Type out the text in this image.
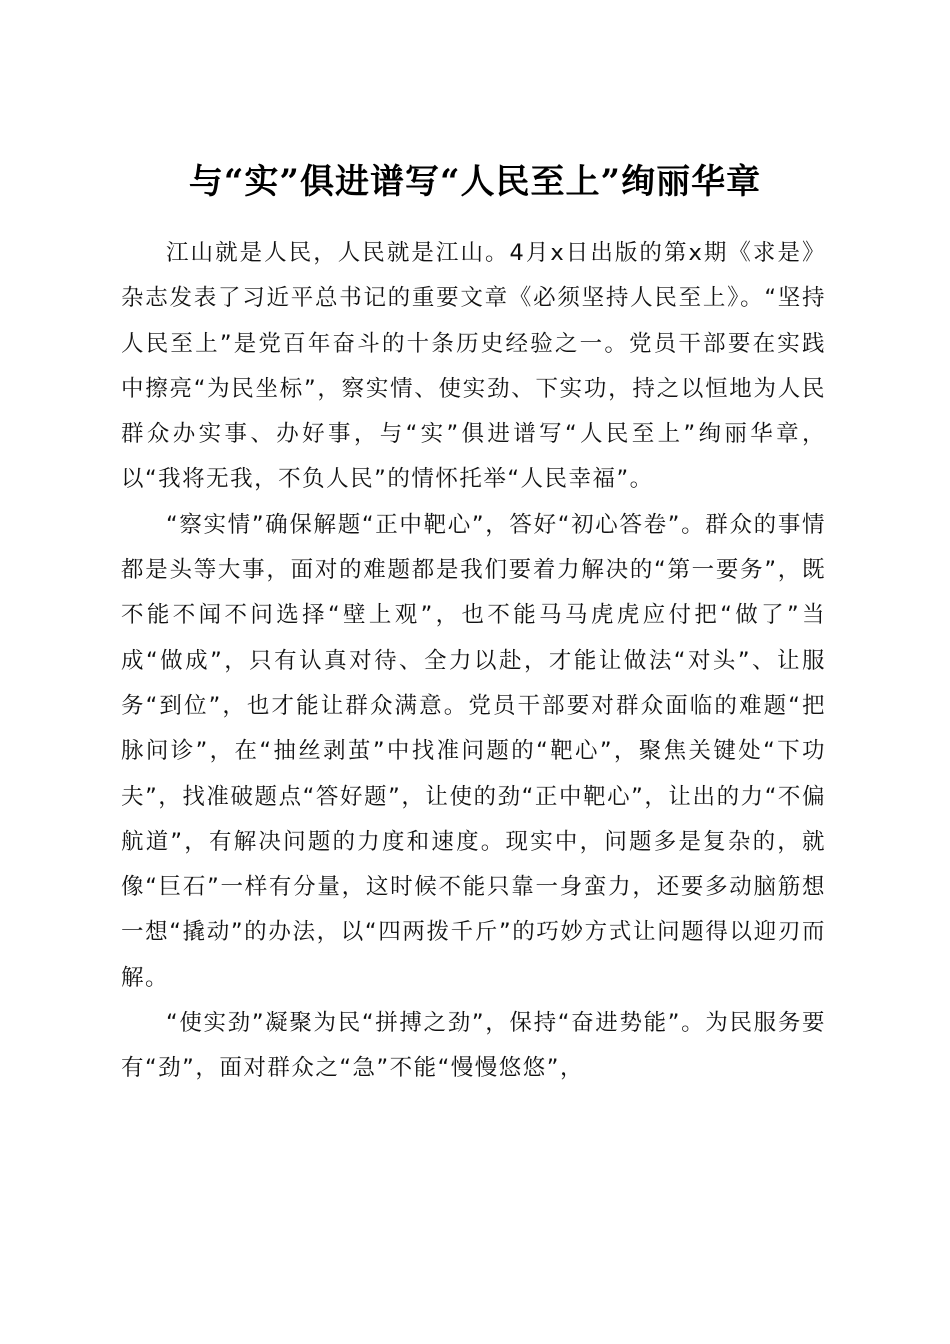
与“实”俱进谱写“人民至上”绚丽华章

江山就是人民，人民就是江山。4月x日出版的第x期《求是》杂志发表了习近平总书记的重要文章《必须坚持人民至上》。“坚持人民至上”是党百年奋斗的十条历史经验之一。党员干部要在实践中擦亮“为民坐标”，察实情、使实劲、下实功，持之以恒地为人民群众办实事、办好事，与“实”俱进谱写“人民至上”绚丽华章，以“我将无我，不负人民”的情怀托举“人民幸福”。

“察实情”确保解题“正中靶心”，答好“初心答卷”。群众的事情都是头等大事，面对的难题都是我们要着力解决的“第一要务”，既不能不闻不问选择“壁上观”，也不能马马虎虎应付把“做了”当成“做成”，只有认真对待、全力以赴，才能让做法“对头”、让服务“到位”，也才能让群众满意。党员干部要对群众面临的难题“把脉问诊”，在“抽丝剥茧”中找准问题的“靶心”，聚焦关键处“下功夫”，找准破题点“答好题”，让使的劲“正中靶心”，让出的力“不偏航道”，有解决问题的力度和速度。现实中，问题多是复杂的，就像“巨石”一样有分量，这时候不能只靠一身蛮力，还要多动脑筋想一想“撬动”的办法，以“四两拨千斤”的巧妙方式让问题得以迎刃而解。

“使实劲”凝聚为民“拼搏之劲”，保持“奋进势能”。为民服务要有“劲”，面对群众之“急”不能“慢慢悠悠”，
